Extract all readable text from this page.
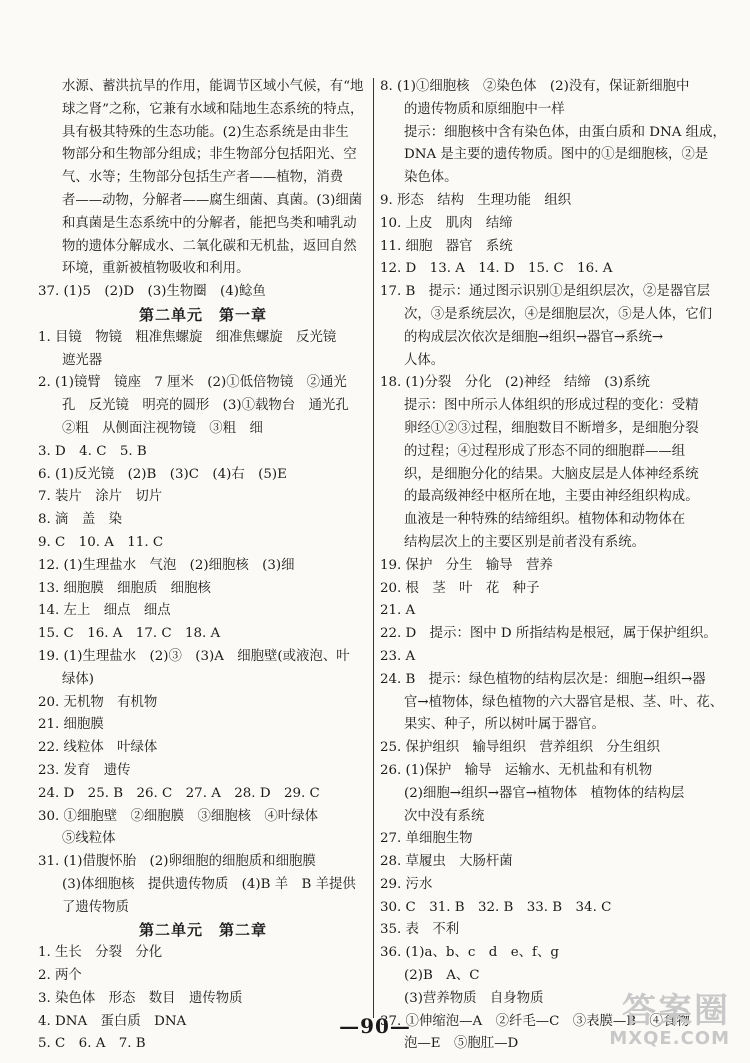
水源、蓄洪抗旱的作用，能调节区域小气候，有“地
球之肾”之称，它兼有水域和陆地生态系统的特点，
具有极其特殊的生态功能。(2)生态系统是由非生
物部分和生物部分组成；非生物部分包括阳光、空
气、水等；生物部分包括生产者——植物，消费
者——动物，分解者——腐生细菌、真菌。(3)细菌
和真菌是生态系统中的分解者，能把鸟类和哺乳动
物的遗体分解成水、二氧化碳和无机盐，返回自然
环境，重新被植物吸收和利用。
37. (1)5　(2)D　(3)生物圈　(4)鲶鱼
第二单元　第一章
1. 目镜　物镜　粗准焦螺旋　细准焦螺旋　反光镜
遮光器
2. (1)镜臂　镜座　7 厘米　(2)①低倍物镜　②通光
孔　反光镜　明亮的圆形　(3)①载物台　通光孔
②粗　从侧面注视物镜　③粗　细
3. D　4. C　5. B
6. (1)反光镜　(2)B　(3)C　(4)右　(5)E
7. 装片　涂片　切片
8. 滴　盖　染
9. C　10. A　11. C
12. (1)生理盐水　气泡　(2)细胞核　(3)细
13. 细胞膜　细胞质　细胞核
14. 左上　细点　细点
15. C　16. A　17. C　18. A
19. (1)生理盐水　(2)③　(3)A　细胞壁(或液泡、叶
绿体)
20. 无机物　有机物
21. 细胞膜
22. 线粒体　叶绿体
23. 发育　遗传
24. D　25. B　26. C　27. A　28. D　29. C
30. ①细胞壁　②细胞膜　③细胞核　④叶绿体
⑤线粒体
31. (1)借腹怀胎　(2)卵细胞的细胞质和细胞膜
(3)体细胞核　提供遗传物质　(4)B 羊　B 羊提供
了遗传物质
第二单元　第二章
1. 生长　分裂　分化
2. 两个
3. 染色体　形态　数目　遗传物质
4. DNA　蛋白质　DNA
5. C　6. A　7. B
8. (1)①细胞核　②染色体　(2)没有，保证新细胞中
的遗传物质和原细胞中一样
提示：细胞核中含有染色体，由蛋白质和 DNA 组成，
DNA 是主要的遗传物质。图中的①是细胞核，②是
染色体。
9. 形态　结构　生理功能　组织
10. 上皮　肌肉　结缔
11. 细胞　器官　系统
12. D　13. A　14. D　15. C　16. A
17. B　提示：通过图示识别①是组织层次，②是器官层
次，③是系统层次，④是细胞层次，⑤是人体，它们
的构成层次依次是细胞→组织→器官→系统→
人体。
18. (1)分裂　分化　(2)神经　结缔　(3)系统
提示：图中所示人体组织的形成过程的变化：受精
卵经①②③过程，细胞数目不断增多，是细胞分裂
的过程；④过程形成了形态不同的细胞群——组
织，是细胞分化的结果。大脑皮层是人体神经系统
的最高级神经中枢所在地，主要由神经组织构成。
血液是一种特殊的结缔组织。植物体和动物体在
结构层次上的主要区别是前者没有系统。
19. 保护　分生　输导　营养
20. 根　茎　叶　花　种子
21. A
22. D　提示：图中 D 所指结构是根冠，属于保护组织。
23. A
24. B　提示：绿色植物的结构层次是：细胞→组织→器
官→植物体，绿色植物的六大器官是根、茎、叶、花、
果实、种子，所以树叶属于器官。
25. 保护组织　输导组织　营养组织　分生组织
26. (1)保护　输导　运输水、无机盐和有机物
(2)细胞→组织→器官→植物体　植物体的结构层
次中没有系统
27. 单细胞生物
28. 草履虫　大肠杆菌
29. 污水
30. C　31. B　32. B　33. B　34. C
35. 表　不利
36. (1)a、b、c　d　e、f、g
(2)B　A、C
(3)营养物质　自身物质
37. ①伸缩泡—A　②纤毛—C　③表膜—B　④食物
泡—E　⑤胞肛—D
—90—	答案圈
MXQE.COM
